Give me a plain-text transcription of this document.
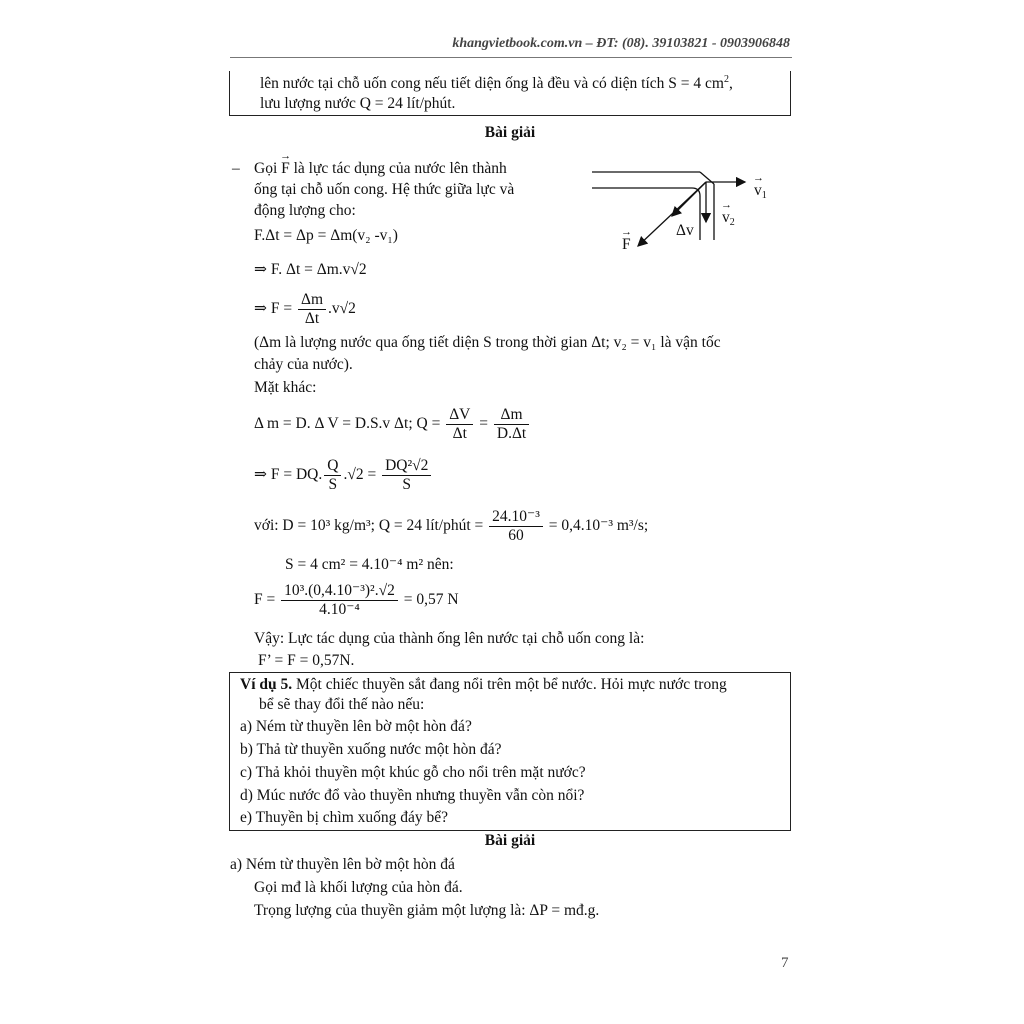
khangvietbook.com.vn – ĐT: (08). 39103821 - 0903906848
lên nước tại chỗ uốn cong nếu tiết diện ống là đều và có diện tích S = 4 $cm^2$,
lưu lượng nước Q = 24 lít/phút.
Bài giải
– Gọi → F là lực tác dụng của nước lên thành
ống tại chỗ uốn cong. Hệ thức giữa lực và
động lượng cho:
→ $v_1$
→ $v_2$
Δv
→ F
F.Δt = Δp = Δm(v₂ -v₁)
⇒ F. Δt = Δm.v√2
⇒ $F = \frac{\Delta m}{\Delta t} .v√2$
(Δm là lượng nước qua ống tiết diện S trong thời gian Δt; v₂ = v₁ là vận tốc
chảy của nước).
Mặt khác:
Δ m = D. Δ V = D.S.v Δt; $Q = \frac{\Delta V}{\Delta t} = \frac{\Delta m}{D.\Delta t}$
⇒ F = DQ. $\frac{Q}{S} .√2 = \frac{\text{DQ²√2}}{S}$
với: D = 10³ kg/m³; Q = 24 lít/phút = $\frac{\text{24.10⁻³}}{60} = 0,4.10^{-3}$ m³/s;
S = 4 cm² = 4.10⁻⁴ m² nên:
$F = \frac{\text{10³.(0,4.10⁻³)².√2}}{\text{4.10⁻⁴}} = 0,57$ N
Vậy: Lực tác dụng của thành ống lên nước tại chỗ uốn cong là:
F’ = F = 0,57N.
Ví dụ 5. Một chiếc thuyền sắt đang nổi trên một bể nước. Hỏi mực nước trong
bể sẽ thay đổi thế nào nếu:
a) Ném từ thuyền lên bờ một hòn đá?
b) Thả từ thuyền xuống nước một hòn đá?
c) Thả khỏi thuyền một khúc gỗ cho nổi trên mặt nước?
d) Múc nước đổ vào thuyền nhưng thuyền vẫn còn nổi?
e) Thuyền bị chìm xuống đáy bể?
Bài giải
a) Ném từ thuyền lên bờ một hòn đá
Gọi mđ là khối lượng của hòn đá.
Trọng lượng của thuyền giảm một lượng là: ΔP = mđ.g.
7
